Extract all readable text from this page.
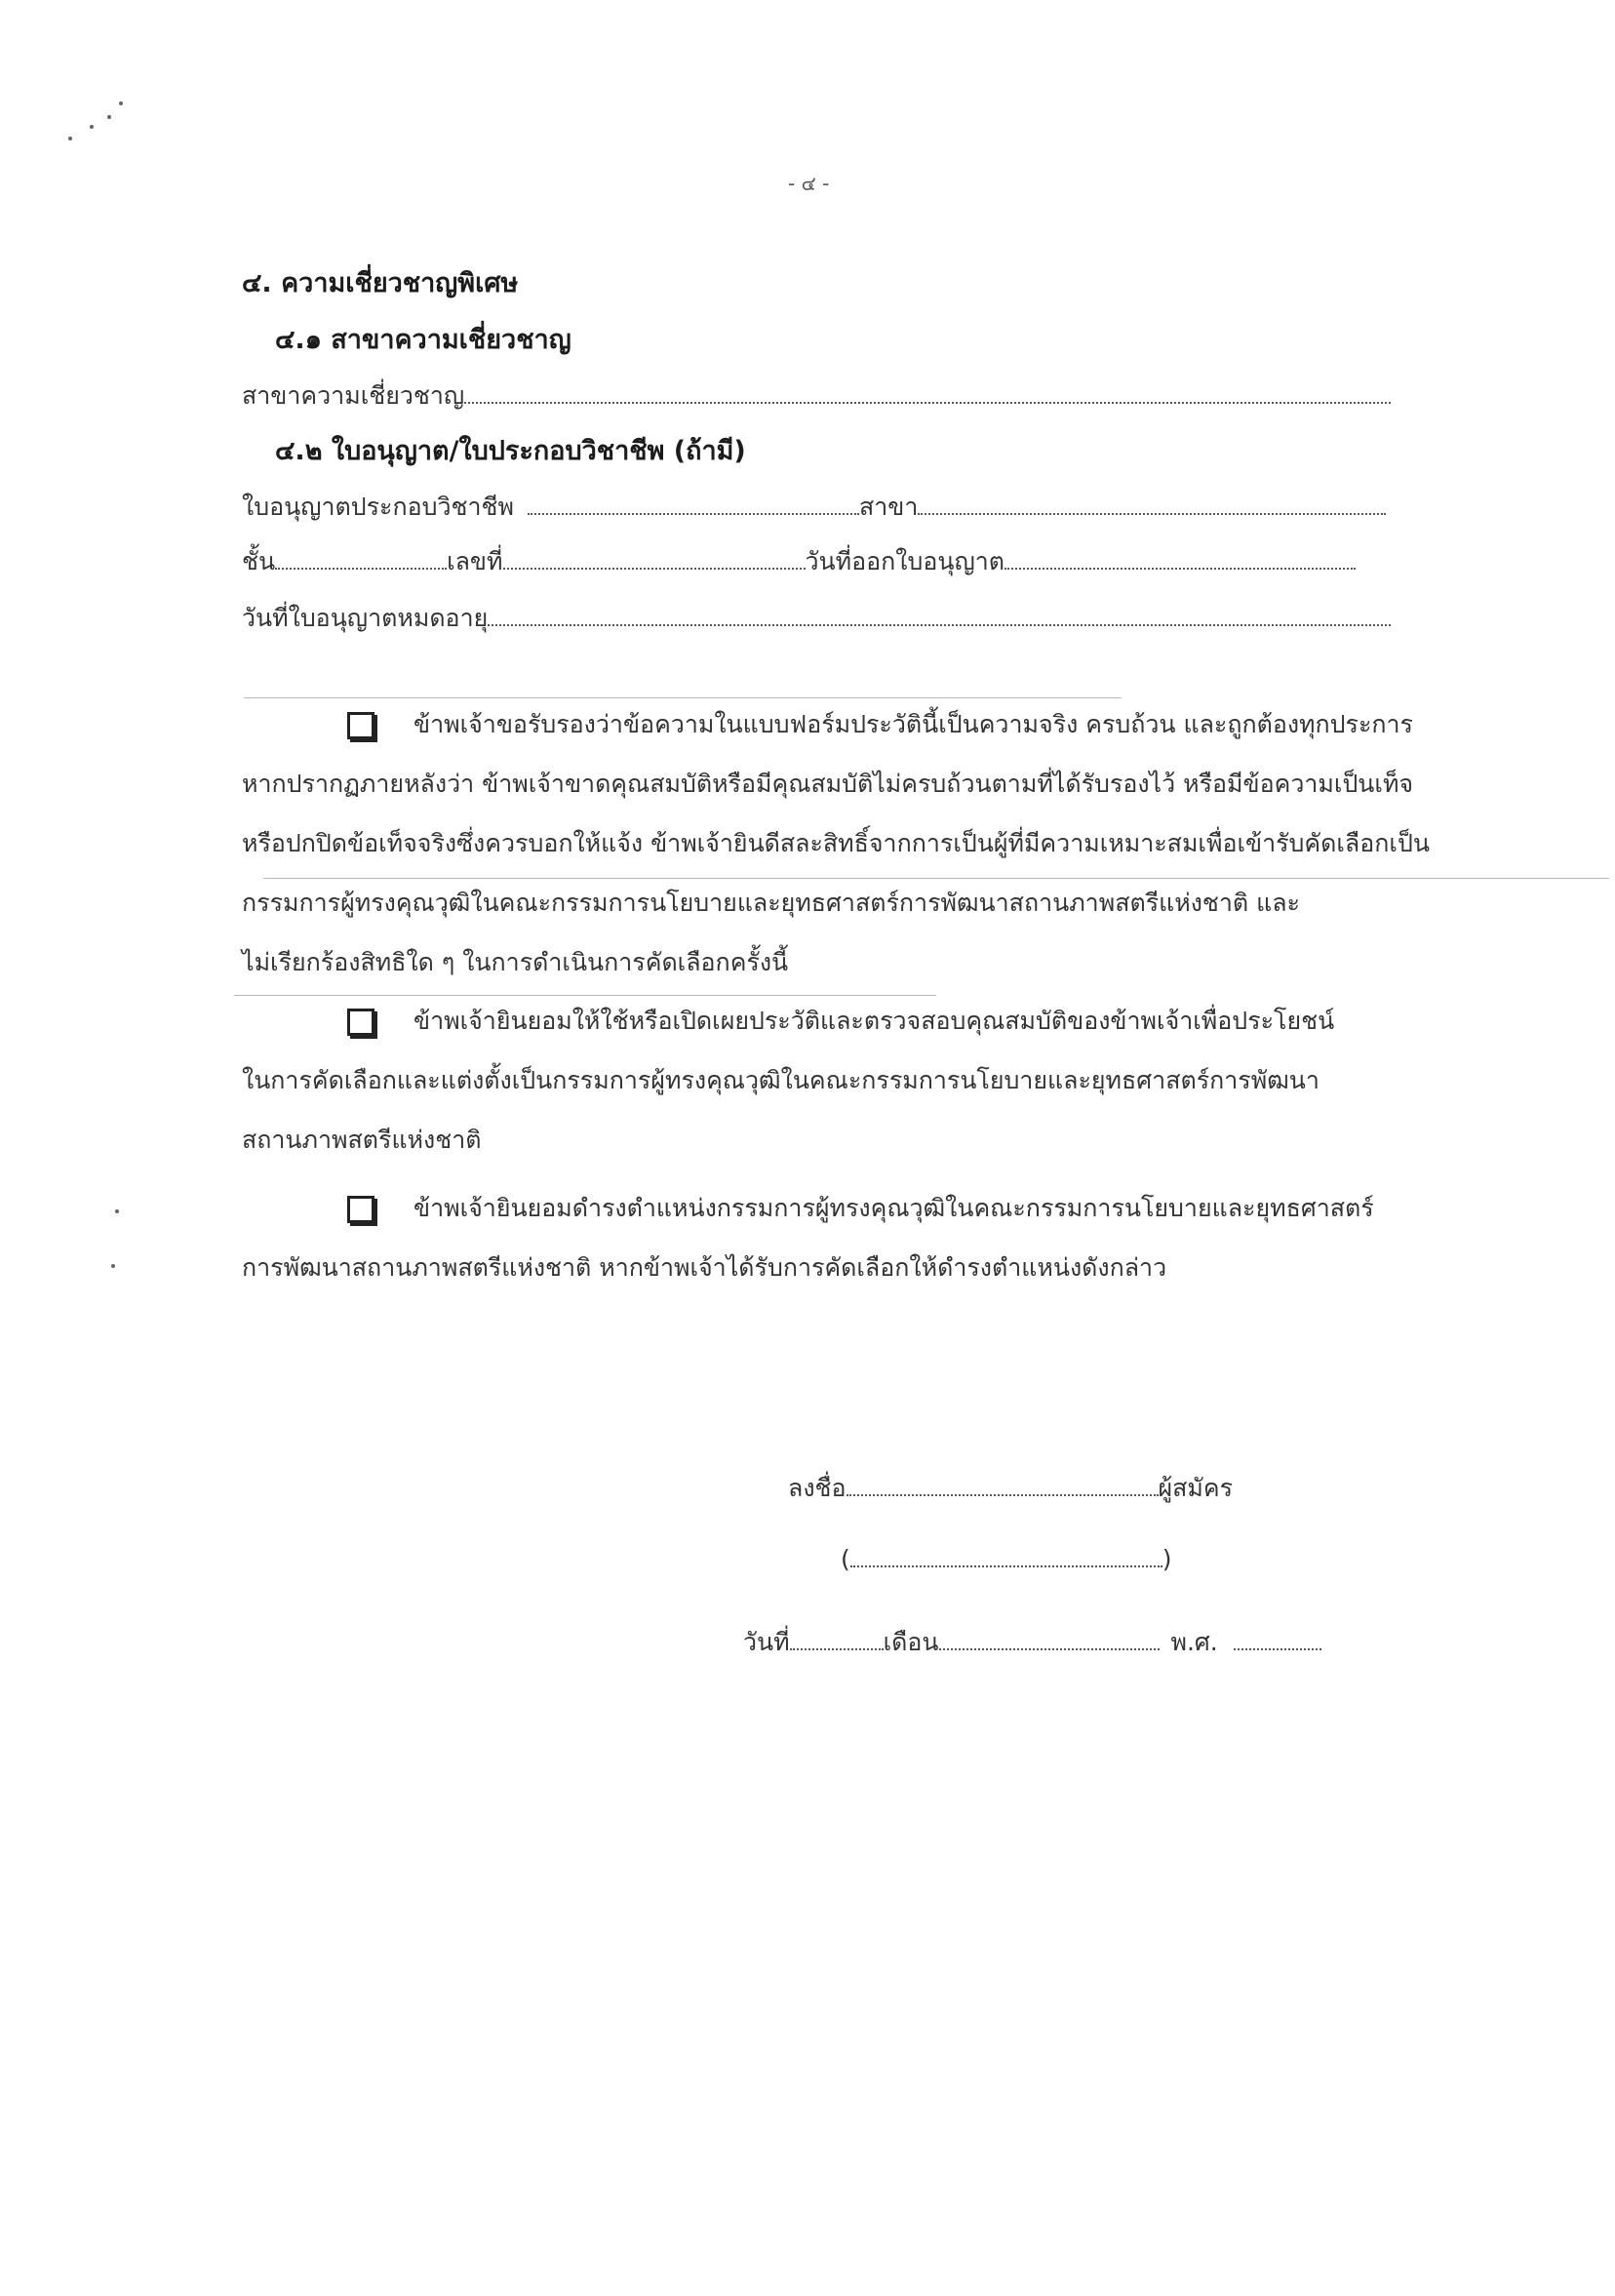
- ๔ -
๔. ความเชี่ยวชาญพิเศษ
๔.๑ สาขาความเชี่ยวชาญ
สาขาความเชี่ยวชาญ
๔.๒ ใบอนุญาต/ใบประกอบวิชาชีพ (ถ้ามี)
ใบอนุญาตประกอบวิชาชีพ	สาขา
ชั้น	เลขที่	วันที่ออกใบอนุญาต
วันที่ใบอนุญาตหมดอายุ
ข้าพเจ้าขอรับรองว่าข้อความในแบบฟอร์มประวัตินี้เป็นความจริง ครบถ้วน และถูกต้องทุกประการ
หากปรากฏภายหลังว่า ข้าพเจ้าขาดคุณสมบัติหรือมีคุณสมบัติไม่ครบถ้วนตามที่ได้รับรองไว้ หรือมีข้อความเป็นเท็จ
หรือปกปิดข้อเท็จจริงซึ่งควรบอกให้แจ้ง ข้าพเจ้ายินดีสละสิทธิ์จากการเป็นผู้ที่มีความเหมาะสมเพื่อเข้ารับคัดเลือกเป็น
กรรมการผู้ทรงคุณวุฒิในคณะกรรมการนโยบายและยุทธศาสตร์การพัฒนาสถานภาพสตรีแห่งชาติ และ
ไม่เรียกร้องสิทธิใด ๆ ในการดำเนินการคัดเลือกครั้งนี้
ข้าพเจ้ายินยอมให้ใช้หรือเปิดเผยประวัติและตรวจสอบคุณสมบัติของข้าพเจ้าเพื่อประโยชน์
ในการคัดเลือกและแต่งตั้งเป็นกรรมการผู้ทรงคุณวุฒิในคณะกรรมการนโยบายและยุทธศาสตร์การพัฒนา
สถานภาพสตรีแห่งชาติ
ข้าพเจ้ายินยอมดำรงตำแหน่งกรรมการผู้ทรงคุณวุฒิในคณะกรรมการนโยบายและยุทธศาสตร์
การพัฒนาสถานภาพสตรีแห่งชาติ หากข้าพเจ้าได้รับการคัดเลือกให้ดำรงตำแหน่งดังกล่าว
ลงชื่อ	ผู้สมัคร
(	)
วันที่	เดือน	พ.ศ.
